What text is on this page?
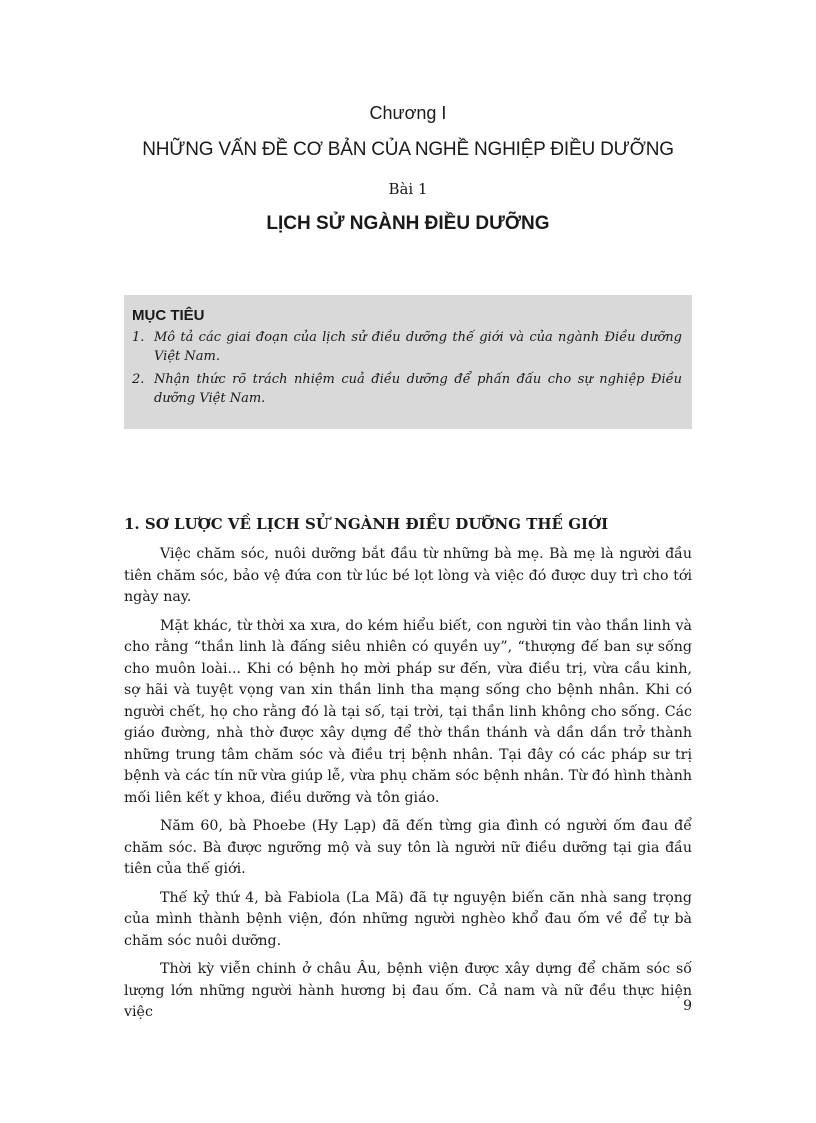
Chương I
NHỮNG VẤN ĐỀ CƠ BẢN CỦA NGHỀ NGHIỆP ĐIỀU DƯỠNG
Bài 1
LỊCH SỬ NGÀNH ĐIỀU DƯỠNG
MỤC TIÊU
1. Mô tả các giai đoạn của lịch sử điều dưỡng thế giới và của ngành Điều dưỡng Việt Nam.
2. Nhận thức rõ trách nhiệm cuả điều dưỡng để phấn đấu cho sự nghiệp Điều dưỡng Việt Nam.
1. SƠ LƯỢC VỀ LỊCH SỬ NGÀNH ĐIỀU DƯỠNG THẾ GIỚI

Việc chăm sóc, nuôi dưỡng bắt đầu từ những bà mẹ. Bà mẹ là người đầu tiên chăm sóc, bảo vệ đứa con từ lúc bé lọt lòng và việc đó được duy trì cho tới ngày nay.

Mặt khác, từ thời xa xưa, do kém hiểu biết, con người tin vào thần linh và cho rằng “thần linh là đấng siêu nhiên có quyền uy”, “thượng đế ban sự sống cho muôn loài... Khi có bệnh họ mời pháp sư đến, vừa điều trị, vừa cầu kinh, sợ hãi và tuyệt vọng van xin thần linh tha mạng sống cho bệnh nhân. Khi có người chết, họ cho rằng đó là tại số, tại trời, tại thần linh không cho sống. Các giáo đường, nhà thờ được xây dựng để thờ thần thánh và dần dần trở thành những trung tâm chăm sóc và điều trị bệnh nhân. Tại đây có các pháp sư trị bệnh và các tín nữ vừa giúp lễ, vừa phụ chăm sóc bệnh nhân. Từ đó hình thành mối liên kết y khoa, điều dưỡng và tôn giáo.

Năm 60, bà Phoebe (Hy Lạp) đã đến từng gia đình có người ốm đau để chăm sóc. Bà được ngưỡng mộ và suy tôn là người nữ điều dưỡng tại gia đầu tiên của thế giới.

Thế kỷ thứ 4, bà Fabiola (La Mã) đã tự nguyện biến căn nhà sang trọng của mình thành bệnh viện, đón những người nghèo khổ đau ốm về để tự bà chăm sóc nuôi dưỡng.

Thời kỳ viễn chinh ở châu Âu, bệnh viện được xây dựng để chăm sóc số lượng lớn những người hành hương bị đau ốm. Cả nam và nữ đều thực hiện việc	9
